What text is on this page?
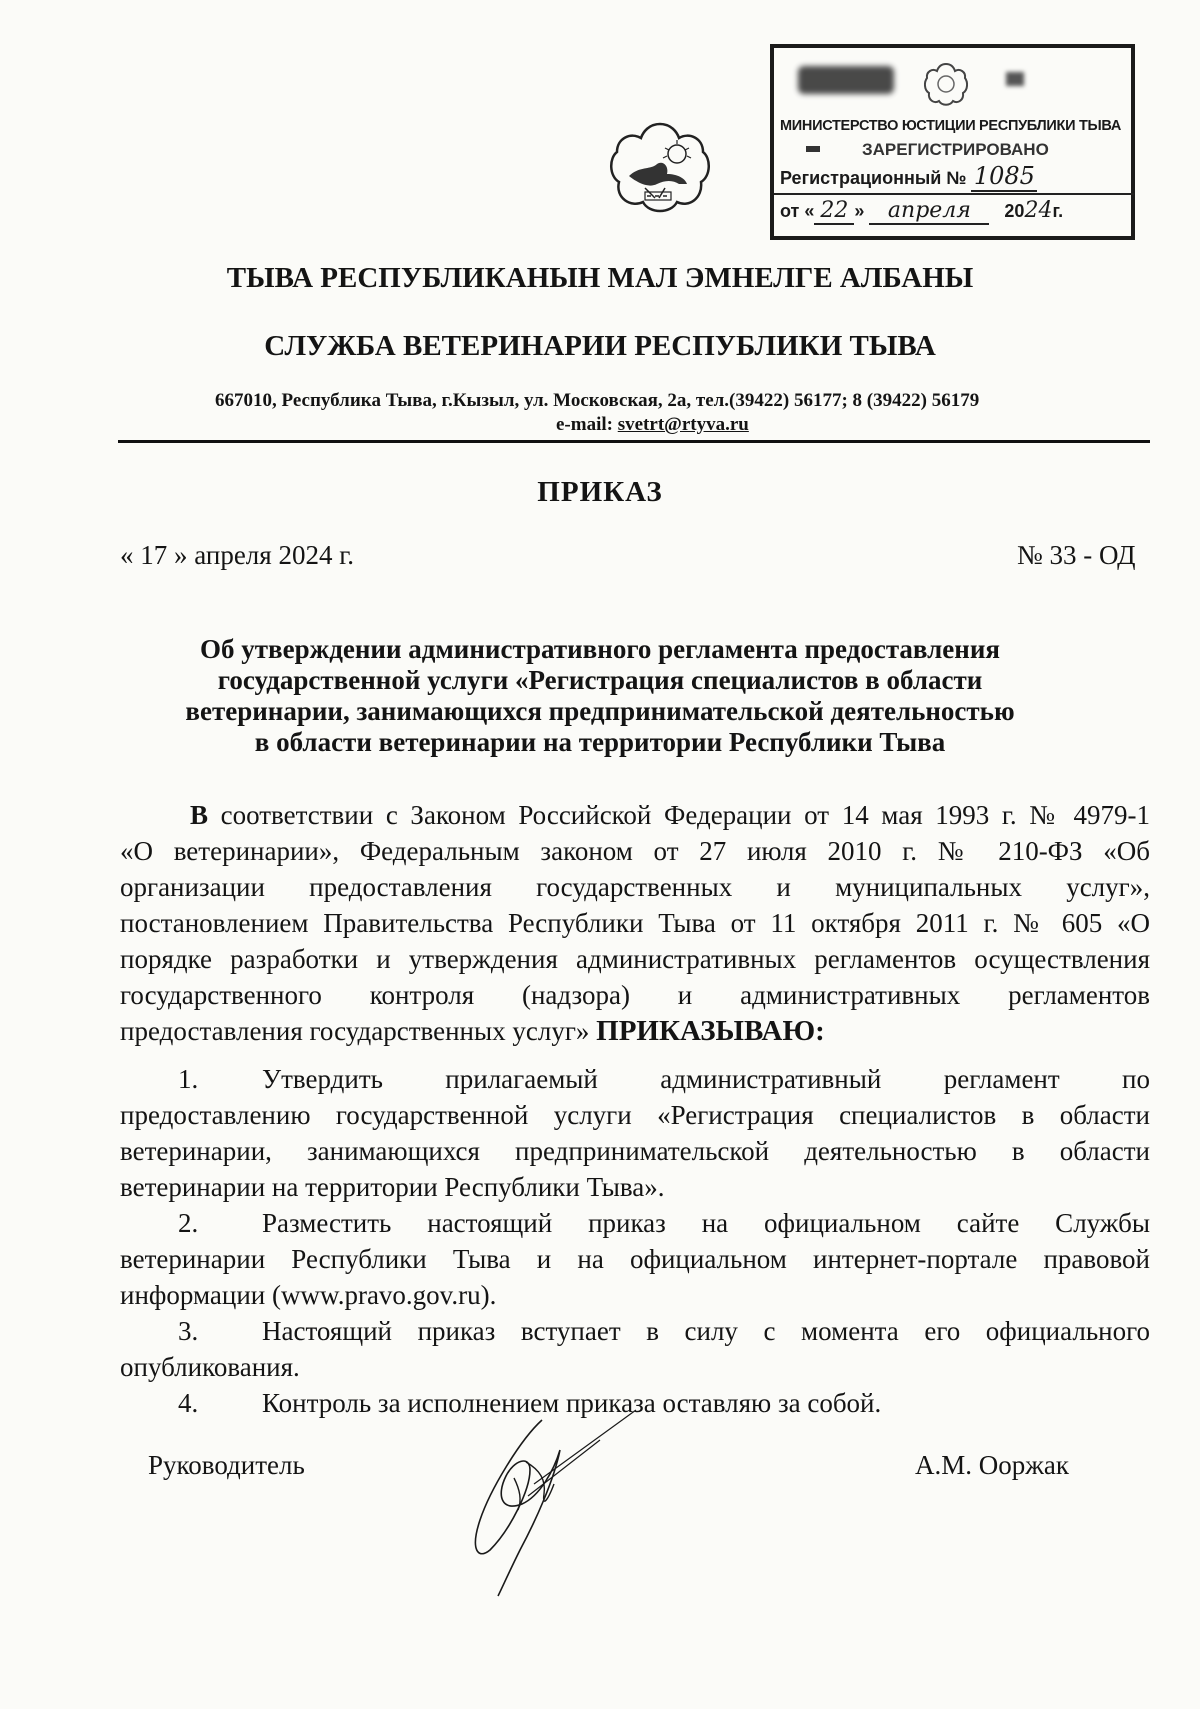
МИНИСТЕРСТВО ЮСТИЦИИ РЕСПУБЛИКИ ТЫВА
ЗАРЕГИСТРИРОВАНО
Регистрационный № 1085
от « 22 » апреля 2024г.
ТЫВА РЕСПУБЛИКАНЫН МАЛ ЭМНЕЛГЕ АЛБАНЫ
СЛУЖБА ВЕТЕРИНАРИИ РЕСПУБЛИКИ ТЫВА
667010, Республика Тыва, г.Кызыл, ул. Московская, 2а, тел.(39422) 56177; 8 (39422) 56179
e-mail: svetrt@rtyva.ru
ПРИКАЗ
« 17 » апреля 2024 г.	№ 33 - ОД
Об утверждении административного регламента предоставления
государственной услуги «Регистрация специалистов в области
ветеринарии, занимающихся предпринимательской деятельностью
в области ветеринарии на территории Республики Тыва
В соответствии с Законом Российской Федерации от 14 мая 1993 г. № 4979-1
«О ветеринарии», Федеральным законом от 27 июля 2010 г. № 210-ФЗ «Об
организации предоставления государственных и муниципальных услуг»,
постановлением Правительства Республики Тыва от 11 октября 2011 г. № 605 «О
порядке разработки и утверждения административных регламентов осуществления
государственного контроля (надзора) и административных регламентов
предоставления государственных услуг» ПРИКАЗЫВАЮ:
1.	Утвердить прилагаемый административный регламент по
предоставлению государственной услуги «Регистрация специалистов в области
ветеринарии, занимающихся предпринимательской деятельностью в области
ветеринарии на территории Республики Тыва».
2.	Разместить настоящий приказ на официальном сайте Службы
ветеринарии Республики Тыва и на официальном интернет-портале правовой
информации (www.pravo.gov.ru).
3.	Настоящий приказ вступает в силу с момента его официального
опубликования.
4.	Контроль за исполнением приказа оставляю за собой.
Руководитель	А.М. Ооржак
